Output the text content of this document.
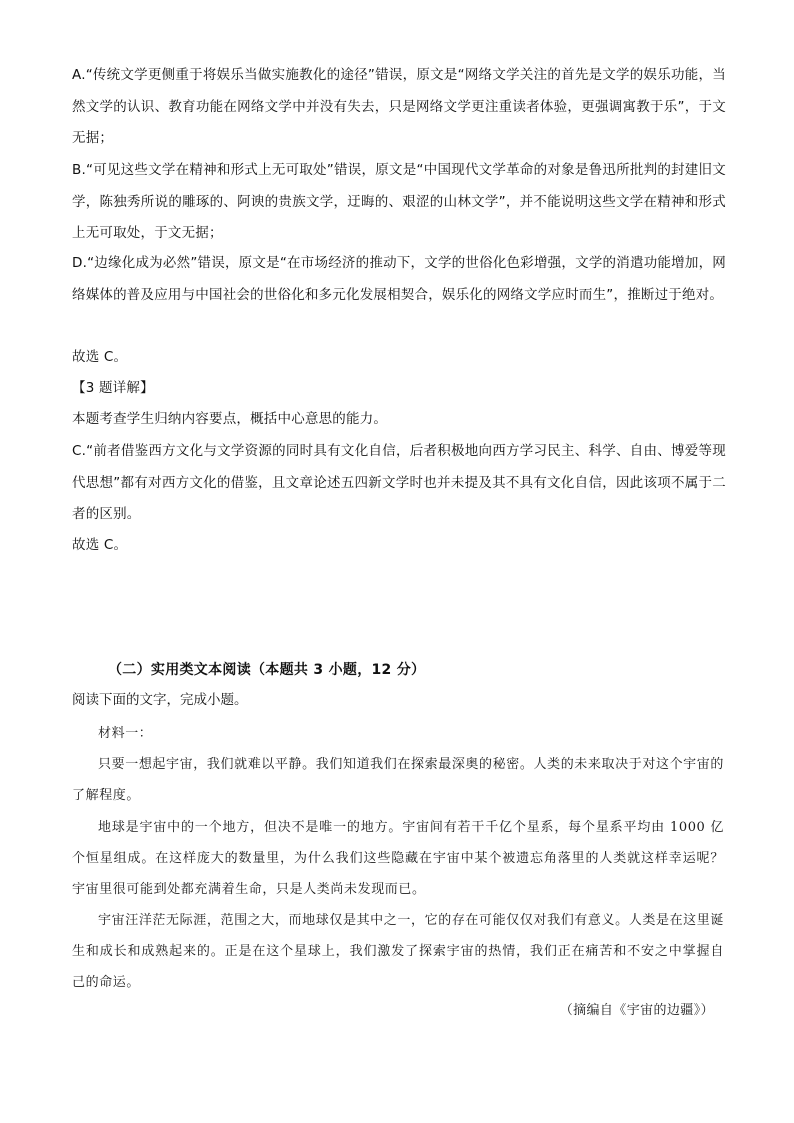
A.“传统文学更侧重于将娱乐当做实施教化的途径”错误，原文是“网络文学关注的首先是文学的娱乐功能，当然文学的认识、教育功能在网络文学中并没有失去，只是网络文学更注重读者体验，更强调寓教于乐”，于文无据；

B.“可见这些文学在精神和形式上无可取处”错误，原文是“中国现代文学革命的对象是鲁迅所批判的封建旧文学，陈独秀所说的雕琢的、阿谀的贵族文学，迂晦的、艰涩的山林文学”，并不能说明这些文学在精神和形式上无可取处，于文无据；

D.“边缘化成为必然”错误，原文是“在市场经济的推动下，文学的世俗化色彩增强，文学的消遣功能增加，网络媒体的普及应用与中国社会的世俗化和多元化发展相契合，娱乐化的网络文学应时而生”，推断过于绝对。

故选 C。

【3 题详解】

本题考查学生归纳内容要点，概括中心意思的能力。

C.“前者借鉴西方文化与文学资源的同时具有文化自信，后者积极地向西方学习民主、科学、自由、博爱等现代思想”都有对西方文化的借鉴，且文章论述五四新文学时也并未提及其不具有文化自信，因此该项不属于二者的区别。

故选 C。

（二）实用类文本阅读（本题共 3 小题，12 分）
阅读下面的文字，完成小题。

材料一：

只要一想起宇宙，我们就难以平静。我们知道我们在探索最深奥的秘密。人类的未来取决于对这个宇宙的了解程度。

地球是宇宙中的一个地方，但决不是唯一的地方。宇宙间有若干千亿个星系，每个星系平均由 1000 亿个恒星组成。在这样庞大的数量里，为什么我们这些隐藏在宇宙中某个被遗忘角落里的人类就这样幸运呢？宇宙里很可能到处都充满着生命，只是人类尚未发现而已。

宇宙汪洋茫无际涯，范围之大，而地球仅是其中之一，它的存在可能仅仅对我们有意义。人类是在这里诞生和成长和成熟起来的。正是在这个星球上，我们激发了探索宇宙的热情，我们正在痛苦和不安之中掌握自己的命运。

（摘编自《宇宙的边疆》）
